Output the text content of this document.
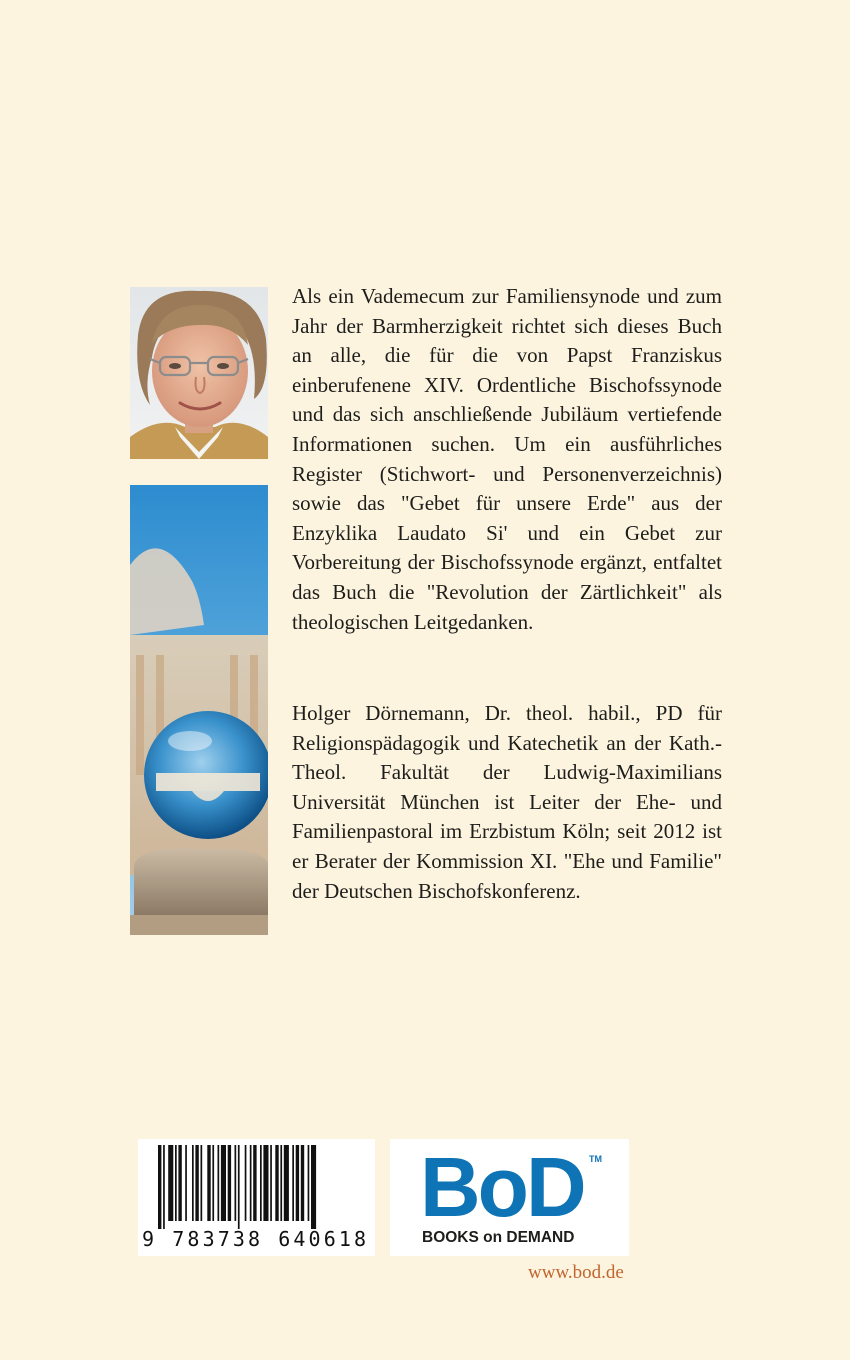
Als ein Vademecum zur Familiensynode und zum Jahr der Barmherzigkeit richtet sich dieses Buch an alle, die für die von Papst Franziskus einberufenene XIV. Ordentliche Bischofssynode und das sich anschließende Jubiläum vertiefende Informationen suchen. Um ein ausführliches Register (Stichwort- und Personenverzeichnis) sowie das "Gebet für unsere Erde" aus der Enzyklika Laudato Si' und ein Gebet zur Vorbereitung der Bischofssynode ergänzt, entfaltet das Buch die "Revolution der Zärtlichkeit" als theologischen Leitgedanken.

Holger Dörnemann, Dr. theol. habil., PD für Religionspädagogik und Katechetik an der Kath.-Theol. Fakultät der Ludwig-Maximilians Universität München ist Leiter der Ehe- und Familienpastoral im Erzbistum Köln; seit 2012 ist er Berater der Kommission XI. "Ehe und Familie" der Deutschen Bischofskonferenz.

9 783738 640618
BoD TM
BOOKS on DEMAND
www.bod.de
